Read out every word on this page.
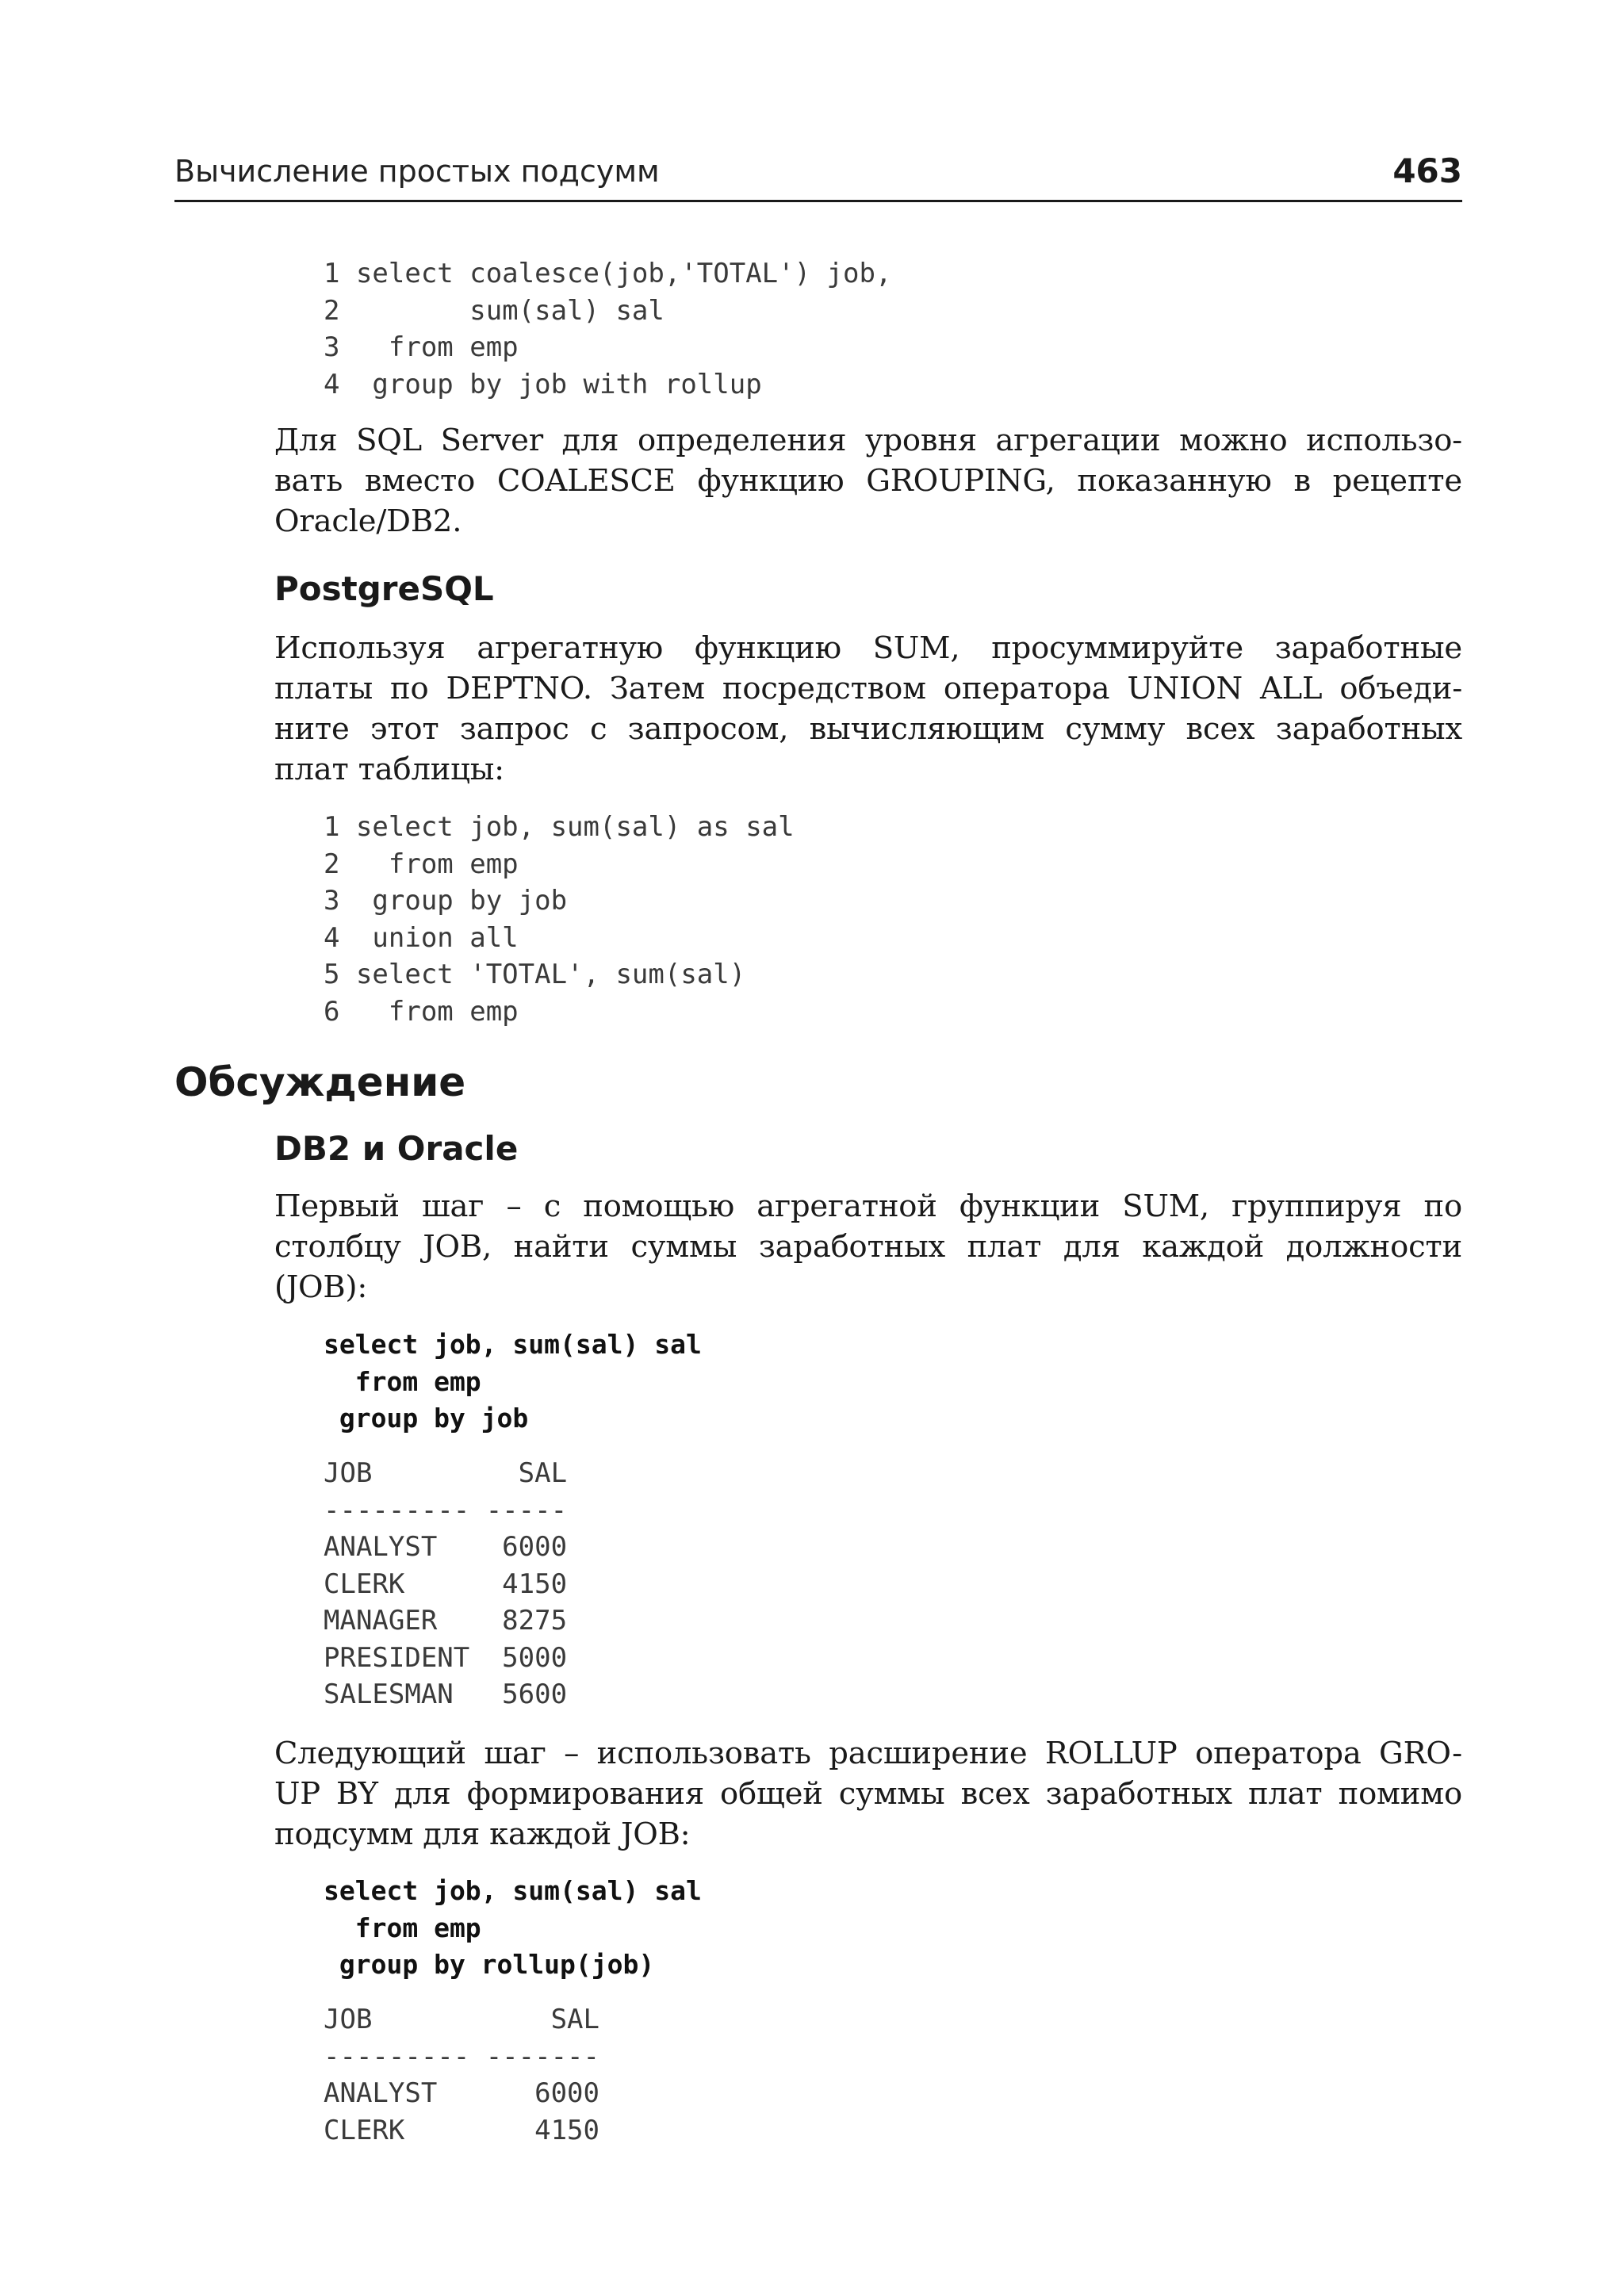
Вычисление простых подсумм	463
1 select coalesce(job,'TOTAL') job,
2        sum(sal) sal
3   from emp
4  group by job with rollup
Для SQL Server для определения уровня агрегации можно использо-
вать вместо COALESCE функцию GROUPING, показанную в рецепте
Oracle/DB2.
PostgreSQL
Используя агрегатную функцию SUM, просуммируйте заработные
платы по DEPTNO. Затем посредством оператора UNION ALL объеди-
ните этот запрос с запросом, вычисляющим сумму всех заработных
плат таблицы:
1 select job, sum(sal) as sal
2   from emp
3  group by job
4  union all
5 select 'TOTAL', sum(sal)
6   from emp
Обсуждение
DB2 и Oracle
Первый шаг – с помощью агрегатной функции SUM, группируя по
столбцу JOB, найти суммы заработных плат для каждой должности
(JOB):
select job, sum(sal) sal
from emp
group by job
JOB         SAL
--------- -----
ANALYST    6000
CLERK      4150
MANAGER    8275
PRESIDENT  5000
SALESMAN   5600
Следующий шаг – использовать расширение ROLLUP оператора GRO-
UP BY для формирования общей суммы всех заработных плат помимо
подсумм для каждой JOB:
select job, sum(sal) sal
from emp
group by rollup(job)
JOB           SAL
--------- -------
ANALYST      6000
CLERK        4150
